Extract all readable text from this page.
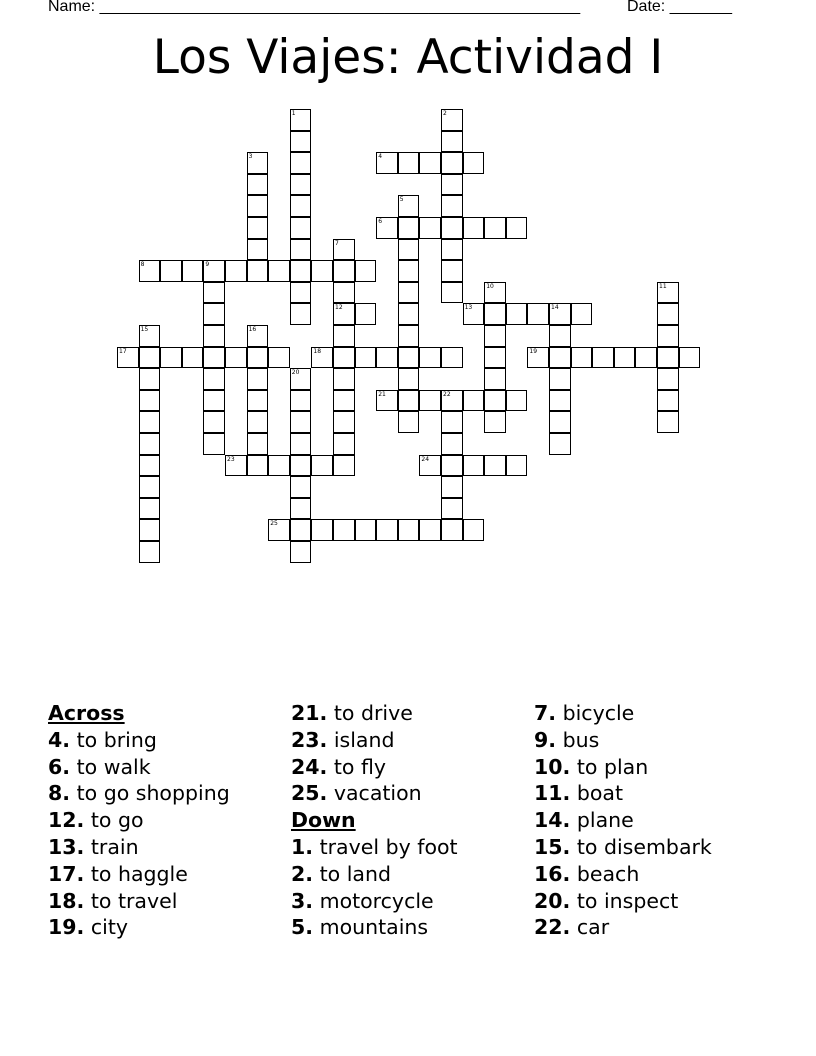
Name: ______________________________________________________	Date: _______
Los Viajes: Actividad I
1	2
3	4
5
6
7
8	9
10	11
12	13	14
15	16
17	18	19
20
21	22
23	24
25
Across
4. to bring
6. to walk
8. to go shopping
12. to go
13. train
17. to haggle
18. to travel
19. city
21. to drive
23. island
24. to fly
25. vacation
Down
1. travel by foot
2. to land
3. motorcycle
5. mountains
7. bicycle
9. bus
10. to plan
11. boat
14. plane
15. to disembark
16. beach
20. to inspect
22. car
